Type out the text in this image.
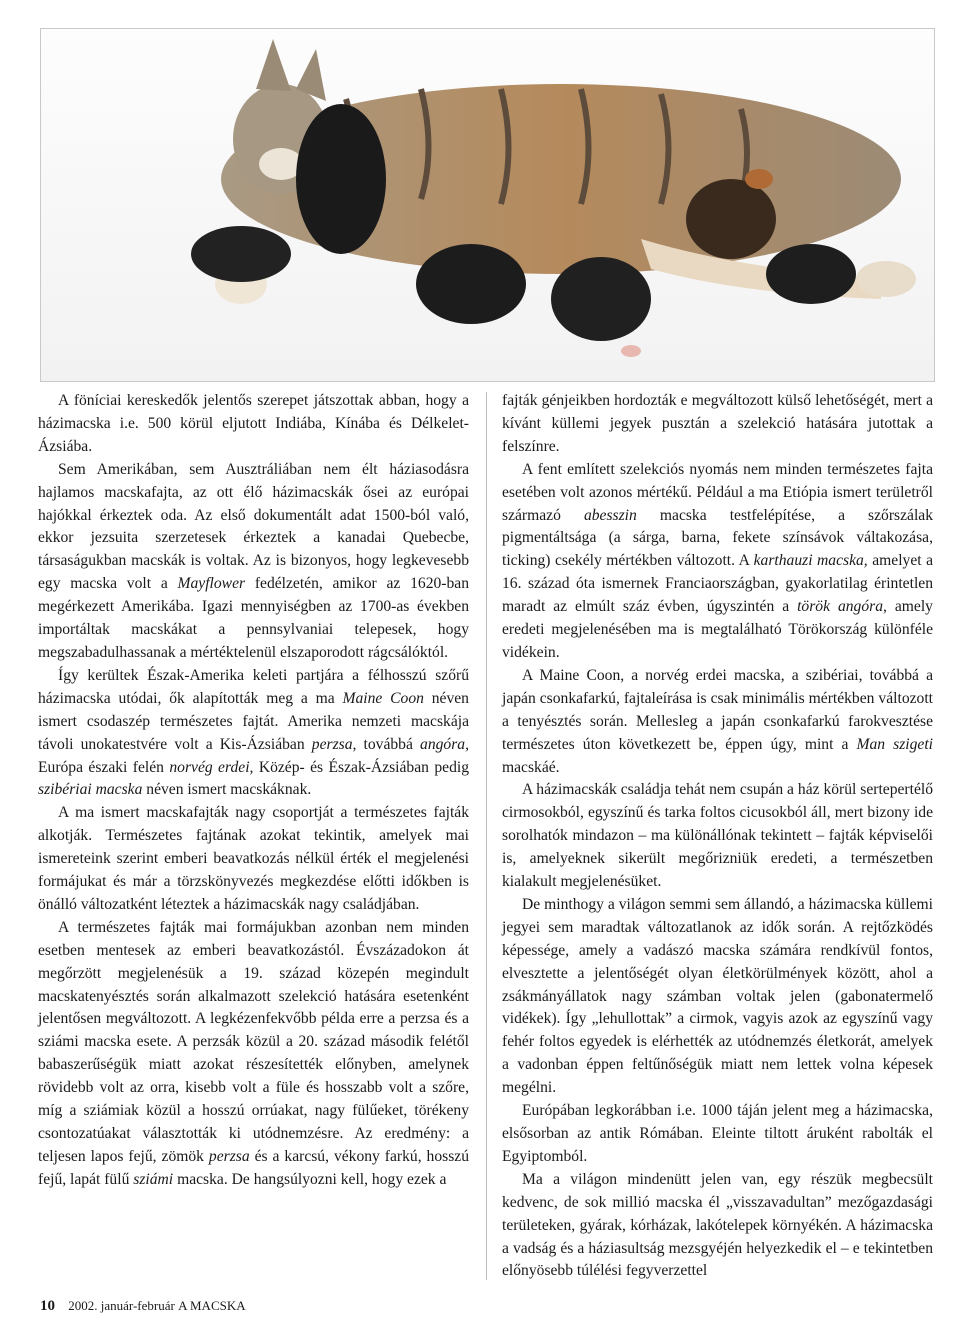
A föníciai kereskedők jelentős szerepet játszottak abban, hogy a házimacska i.e. 500 körül eljutott Indiába, Kínába és Délkelet-Ázsiába.

Sem Amerikában, sem Ausztráliában nem élt háziasodásra hajlamos macskafajta, az ott élő házimacskák ősei az európai hajókkal érkeztek oda. Az első dokumentált adat 1500-ból való, ekkor jezsuita szerzetesek érkeztek a kanadai Quebecbe, társaságukban macskák is voltak. Az is bizonyos, hogy legkevesebb egy macska volt a Mayflower fedélzetén, amikor az 1620-ban megérkezett Amerikába. Igazi mennyiségben az 1700-as években importáltak macskákat a pennsylvaniai telepesek, hogy megszabadulhassanak a mértéktelenül elszaporodott rágcsálóktól.

Így kerültek Észak-Amerika keleti partjára a félhosszú szőrű házimacska utódai, ők alapították meg a ma Maine Coon néven ismert csodaszép természetes fajtát. Amerika nemzeti macskája távoli unokatestvére volt a Kis-Ázsiában perzsa, továbbá angóra, Európa északi felén norvég erdei, Közép- és Észak-Ázsiában pedig szibériai macska néven ismert macskáknak.

A ma ismert macskafajták nagy csoportját a természetes fajták alkotják. Természetes fajtának azokat tekintik, amelyek mai ismereteink szerint emberi beavatkozás nélkül érték el megjelenési formájukat és már a törzskönyvezés megkezdése előtti időkben is önálló változatként léteztek a házimacskák nagy családjában.

A természetes fajták mai formájukban azonban nem minden esetben mentesek az emberi beavatkozástól. Évszázadokon át megőrzött megjelenésük a 19. század közepén megindult macskatenyésztés során alkalmazott szelekció hatására esetenként jelentősen megváltozott. A legkézenfekvőbb példa erre a perzsa és a sziámi macska esete. A perzsák közül a 20. század második felétől babaszerűségük miatt azokat részesítették előnyben, amelynek rövidebb volt az orra, kisebb volt a füle és hosszabb volt a szőre, míg a sziámiak közül a hosszú orrúakat, nagy fülűeket, törékeny csontozatúakat választották ki utódnemzésre. Az eredmény: a teljesen lapos fejű, zömök perzsa és a karcsú, vékony farkú, hosszú fejű, lapát fülű sziámi macska. De hangsúlyozni kell, hogy ezek a

fajták génjeikben hordozták e megváltozott külső lehetőségét, mert a kívánt küllemi jegyek pusztán a szelekció hatására jutottak a felszínre.

A fent említett szelekciós nyomás nem minden természetes fajta esetében volt azonos mértékű. Például a ma Etiópia ismert területről származó abesszin macska testfelépítése, a szőrszálak pigmentáltsága (a sárga, barna, fekete színsávok váltakozása, ticking) csekély mértékben változott. A karthauzi macska, amelyet a 16. század óta ismernek Franciaországban, gyakorlatilag érintetlen maradt az elmúlt száz évben, úgyszintén a török angóra, amely eredeti megjelenésében ma is megtalálható Törökország különféle vidékein.

A Maine Coon, a norvég erdei macska, a szibériai, továbbá a japán csonkafarkú, fajtaleírása is csak minimális mértékben változott a tenyésztés során. Mellesleg a japán csonkafarkú farokvesztése természetes úton következett be, éppen úgy, mint a Man szigeti macskáé.

A házimacskák családja tehát nem csupán a ház körül sertepertélő cirmosokból, egyszínű és tarka foltos cicusokból áll, mert bizony ide sorolhatók mindazon – ma különállónak tekintett – fajták képviselői is, amelyeknek sikerült megőrizniük eredeti, a természetben kialakult megjelenésüket.

De minthogy a világon semmi sem állandó, a házimacska küllemi jegyei sem maradtak változatlanok az idők során. A rejtőzködés képessége, amely a vadászó macska számára rendkívül fontos, elvesztette a jelentőségét olyan életkörülmények között, ahol a zsákmányállatok nagy számban voltak jelen (gabonatermelő vidékek). Így „lehullottak” a cirmok, vagyis azok az egyszínű vagy fehér foltos egyedek is elérhették az utódnemzés életkorát, amelyek a vadonban éppen feltűnőségük miatt nem lettek volna képesek megélni.

Európában legkorábban i.e. 1000 táján jelent meg a házimacska, elsősorban az antik Rómában. Eleinte tiltott áruként rabolták el Egyiptomból.

Ma a világon mindenütt jelen van, egy részük megbecsült kedvenc, de sok millió macska él „visszavadultan” mezőgazdasági területeken, gyárak, kórházak, lakótelepek környékén. A házimacska a vadság és a háziasultság mezsgyéjén helyezkedik el – e tekintetben előnyösebb túlélési fegyverzettel

10 2002. január-február A MACSKA
